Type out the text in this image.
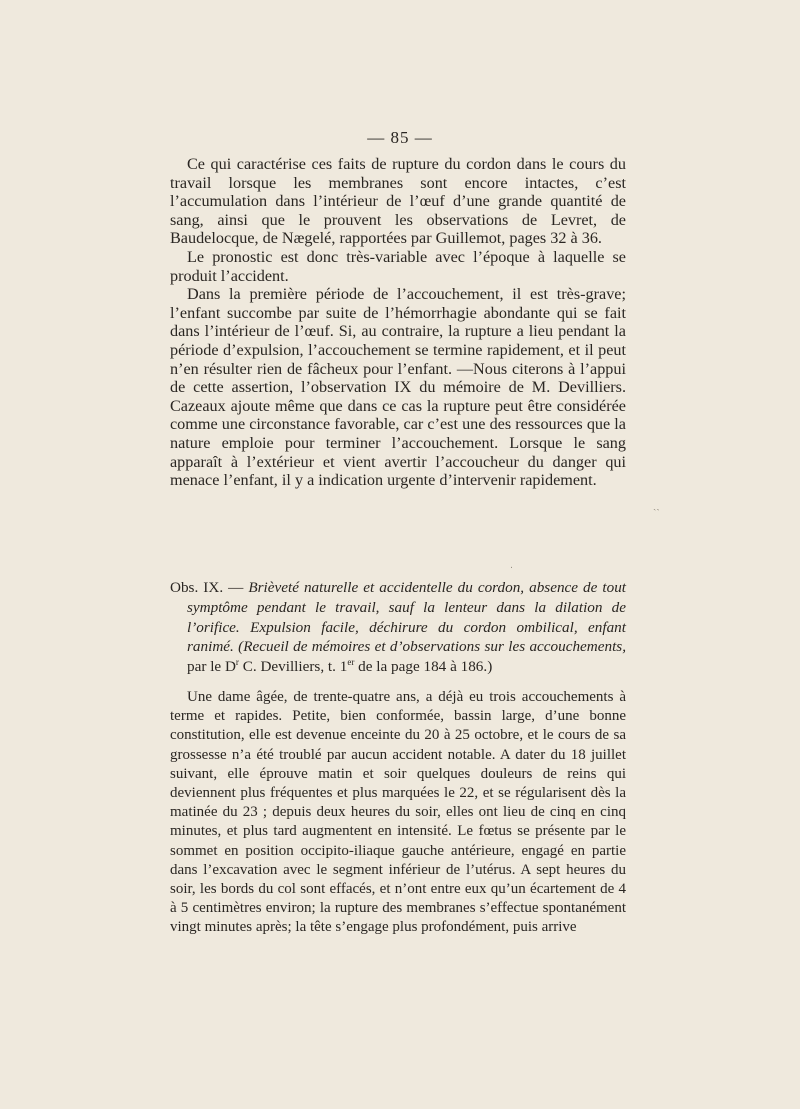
— 85 —

Ce qui caractérise ces faits de rupture du cordon dans le cours du travail lorsque les membranes sont encore intactes, c’est l’accumulation dans l’intérieur de l’œuf d’une grande quantité de sang, ainsi que le prouvent les observations de Levret, de Baudelocque, de Nægelé, rapportées par Guillemot, pages 32 à 36.

Le pronostic est donc très-variable avec l’époque à laquelle se produit l’accident.

Dans la première période de l’accouchement, il est très-grave; l’enfant succombe par suite de l’hémorrhagie abondante qui se fait dans l’intérieur de l’œuf. Si, au contraire, la rupture a lieu pendant la période d’expulsion, l’accouchement se termine rapidement, et il peut n’en résulter rien de fâcheux pour l’enfant. —Nous citerons à l’appui de cette assertion, l’observation IX du mémoire de M. Devilliers. Cazeaux ajoute même que dans ce cas la rupture peut être considérée comme une circonstance favorable, car c’est une des ressources que la nature emploie pour terminer l’accouchement. Lorsque le sang apparaît à l’extérieur et vient avertir l’accoucheur du danger qui menace l’enfant, il y a indication urgente d’intervenir rapidement.

Obs. IX. — Brièveté naturelle et accidentelle du cordon, absence de tout symptôme pendant le travail, sauf la lenteur dans la dilation de l’orifice. Expulsion facile, déchirure du cordon ombilical, enfant ranimé. (Recueil de mémoires et d’observations sur les accouchements, par le $D^r$ C. Devilliers, t. 1er de la page 184 à 186.)

Une dame âgée, de trente-quatre ans, a déjà eu trois accouchements à terme et rapides. Petite, bien conformée, bassin large, d’une bonne constitution, elle est devenue enceinte du 20 à 25 octobre, et le cours de sa grossesse n’a été troublé par aucun accident notable. A dater du 18 juillet suivant, elle éprouve matin et soir quelques douleurs de reins qui deviennent plus fréquentes et plus marquées le 22, et se régularisent dès la matinée du 23 ; depuis deux heures du soir, elles ont lieu de cinq en cinq minutes, et plus tard augmentent en intensité. Le fœtus se présente par le sommet en position occipito-iliaque gauche antérieure, engagé en partie dans l’excavation avec le segment inférieur de l’utérus. A sept heures du soir, les bords du col sont effacés, et n’ont entre eux qu’un écartement de 4 à 5 centimètres environ; la rupture des membranes s’effectue spontanément vingt minutes après; la tête s’engage plus profondément, puis arrive

ˎˏ
ᐧ
